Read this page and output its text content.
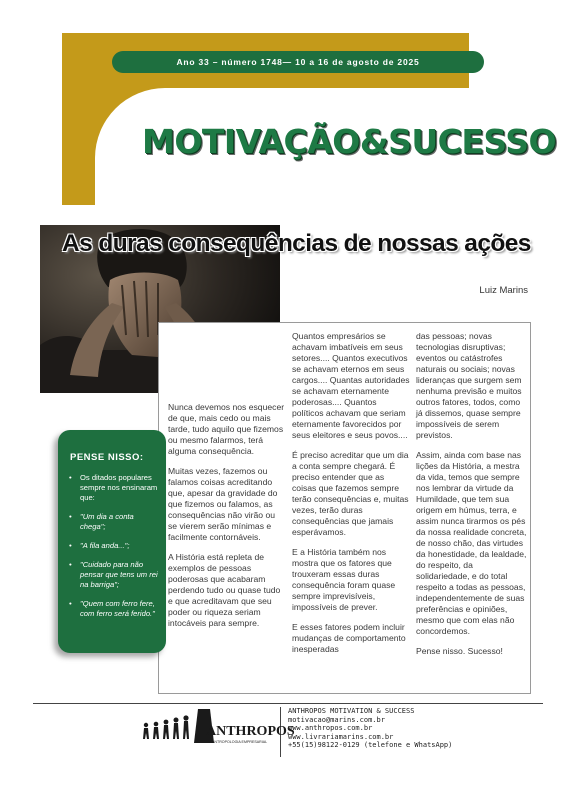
Ano 33 – número 1748— 10 a 16 de agosto de 2025
MOTIVAÇÃO&SUCESSO
As duras consequências de nossas ações
Luiz Marins

Nunca devemos nos esquecer de que, mais cedo ou mais tarde, tudo aquilo que fizemos ou mesmo falarmos, terá alguma consequência.

Muitas vezes, fazemos ou falamos coisas acreditando que, apesar da gravidade do que fizemos ou falamos, as consequências não virão ou se vierem serão mínimas e facilmente contornáveis.

A História está repleta de exemplos de pessoas poderosas que acabaram perdendo tudo ou quase tudo e que acreditavam que seu poder ou riqueza seriam intocáveis para sempre.

Quantos empresários se achavam imbatíveis em seus setores.... Quantos executivos se achavam eternos em seus cargos.... Quantas autoridades se achavam eternamente poderosas.... Quantos políticos achavam que seriam eternamente favorecidos por seus eleitores e seus povos....

É preciso acreditar que um dia a conta sempre chegará. É preciso entender que as coisas que fazemos sempre terão consequências e, muitas vezes, terão duras consequências que jamais esperávamos.

E a História também nos mostra que os fatores que trouxeram essas duras consequência foram quase sempre imprevisíveis, impossíveis de prever.

E esses fatores podem incluir mudanças de comportamento inesperadas

das pessoas; novas tecnologias disruptivas; eventos ou catástrofes naturais ou sociais; novas lideranças que surgem sem nenhuma previsão e muitos outros fatores, todos, como já dissemos, quase sempre impossíveis de serem previstos.

Assim, ainda com base nas lições da História, a mestra da vida, temos que sempre nos lembrar da virtude da Humildade, que tem sua origem em húmus, terra, e assim nunca tirarmos os pés da nossa realidade concreta, de nosso chão, das virtudes da honestidade, da lealdade, do respeito, da solidariedade, e do total respeito a todas as pessoas, independentemente de suas preferências e opiniões, mesmo que com elas não concordemos.

Pense nisso. Sucesso!

PENSE NISSO:
• Os ditados populares sempre nos ensinaram que:
• "Um dia a conta chega";
• "A fila anda...";
• "Cuidado para não pensar que tens um rei na barriga";
• "Quem com ferro fere, com ferro será ferido."
ANTHROPOS
ANTROPOLOGIA EMPRESARIAL
ANTHROPOS MOTIVATION & SUCCESS
motivacao@marins.com.br
www.anthropos.com.br
www.livrariamarins.com.br
+55(15)98122-0129 (telefone e WhatsApp)
